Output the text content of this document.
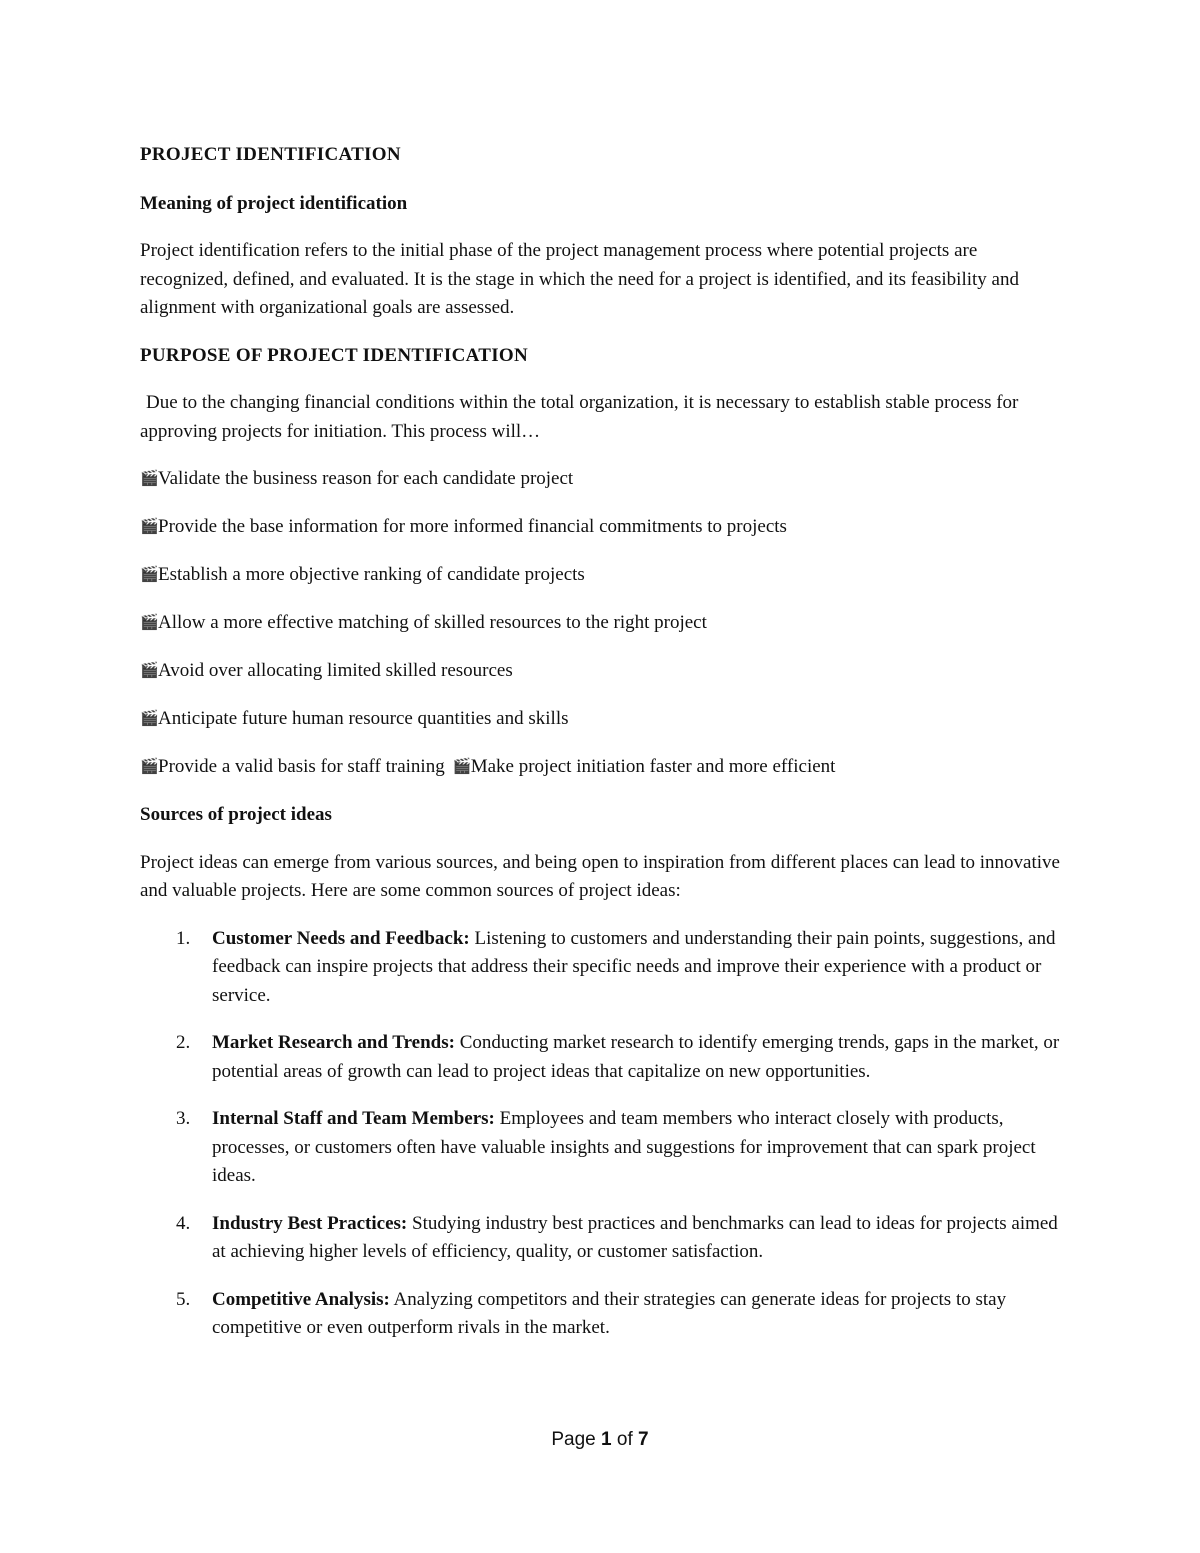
PROJECT IDENTIFICATION
Meaning of project identification

Project identification refers to the initial phase of the project management process where potential projects are recognized, defined, and evaluated. It is the stage in which the need for a project is identified, and its feasibility and alignment with organizational goals are assessed.

PURPOSE OF PROJECT IDENTIFICATION

Due to the changing financial conditions within the total organization, it is necessary to establish stable process for approving projects for initiation. This process will…

🎬Validate the business reason for each candidate project
🎬Provide the base information for more informed financial commitments to projects
🎬Establish a more objective ranking of candidate projects
🎬Allow a more effective matching of skilled resources to the right project
🎬Avoid over allocating limited skilled resources
🎬Anticipate future human resource quantities and skills
🎬Provide a valid basis for staff training 🎬Make project initiation faster and more efficient
Sources of project ideas

Project ideas can emerge from various sources, and being open to inspiration from different places can lead to innovative and valuable projects. Here are some common sources of project ideas:

1. Customer Needs and Feedback: Listening to customers and understanding their pain points, suggestions, and feedback can inspire projects that address their specific needs and improve their experience with a product or service.
2. Market Research and Trends: Conducting market research to identify emerging trends, gaps in the market, or potential areas of growth can lead to project ideas that capitalize on new opportunities.
3. Internal Staff and Team Members: Employees and team members who interact closely with products, processes, or customers often have valuable insights and suggestions for improvement that can spark project ideas.
4. Industry Best Practices: Studying industry best practices and benchmarks can lead to ideas for projects aimed at achieving higher levels of efficiency, quality, or customer satisfaction.
5. Competitive Analysis: Analyzing competitors and their strategies can generate ideas for projects to stay competitive or even outperform rivals in the market.
Page 1 of 7
